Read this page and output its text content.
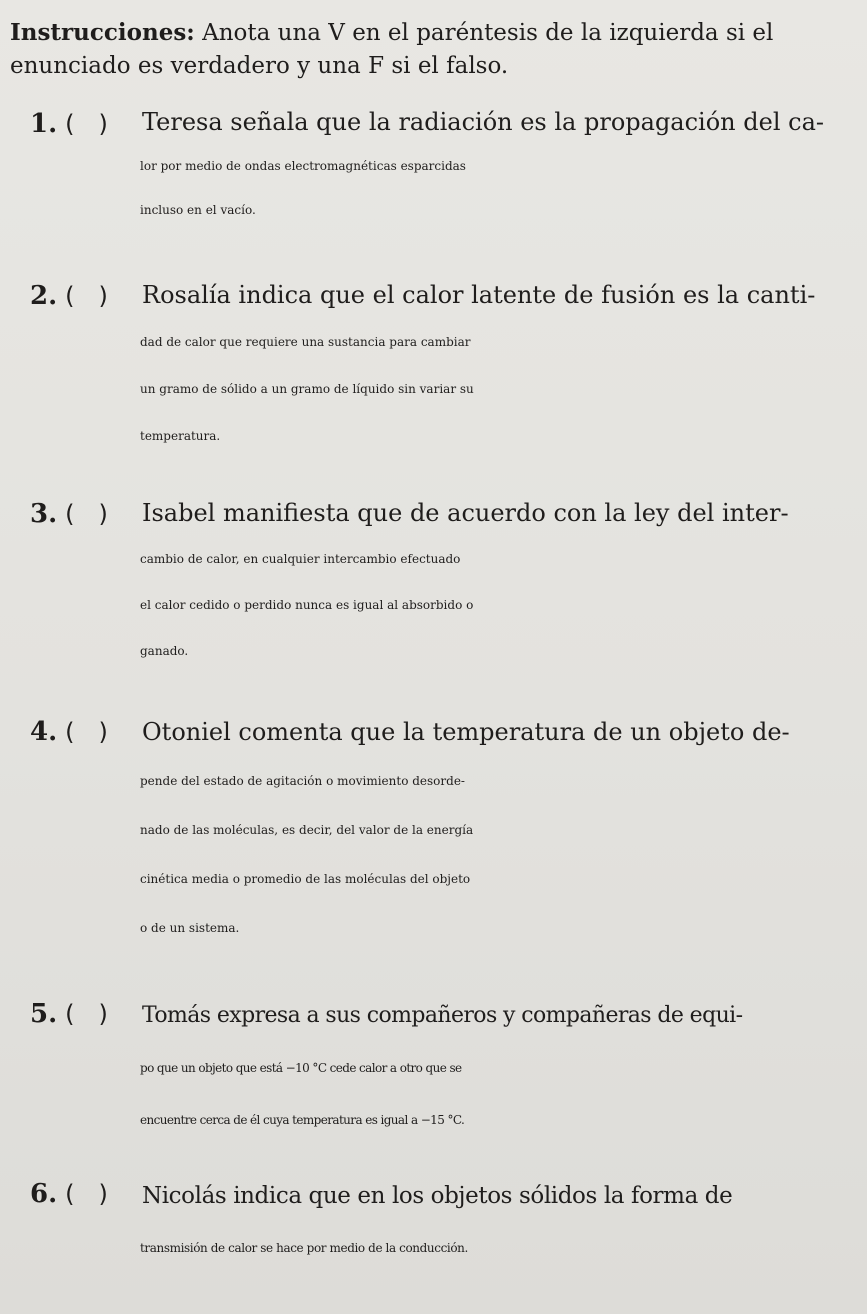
Instrucciones: Anota una V en el paréntesis de la izquierda si el
enunciado es verdadero y una F si el falso.
1. ( )	Teresa señala que la radiación es la propagación del ca-
lor por medio de ondas electromagnéticas esparcidas
incluso en el vacío.
2. ( )	Rosalía indica que el calor latente de fusión es la canti-
dad de calor que requiere una sustancia para cambiar
un gramo de sólido a un gramo de líquido sin variar su
temperatura.
3. ( )	Isabel manifiesta que de acuerdo con la ley del inter-
cambio de calor, en cualquier intercambio efectuado
el calor cedido o perdido nunca es igual al absorbido o
ganado.
4. ( )	Otoniel comenta que la temperatura de un objeto de-
pende del estado de agitación o movimiento desorde-
nado de las moléculas, es decir, del valor de la energía
cinética media o promedio de las moléculas del objeto
o de un sistema.
5. ( )	Tomás expresa a sus compañeros y compañeras de equi-
po que un objeto que está −10 °C cede calor a otro que se
encuentre cerca de él cuya temperatura es igual a −15 °C.
6. ( )	Nicolás indica que en los objetos sólidos la forma de
transmisión de calor se hace por medio de la conducción.
